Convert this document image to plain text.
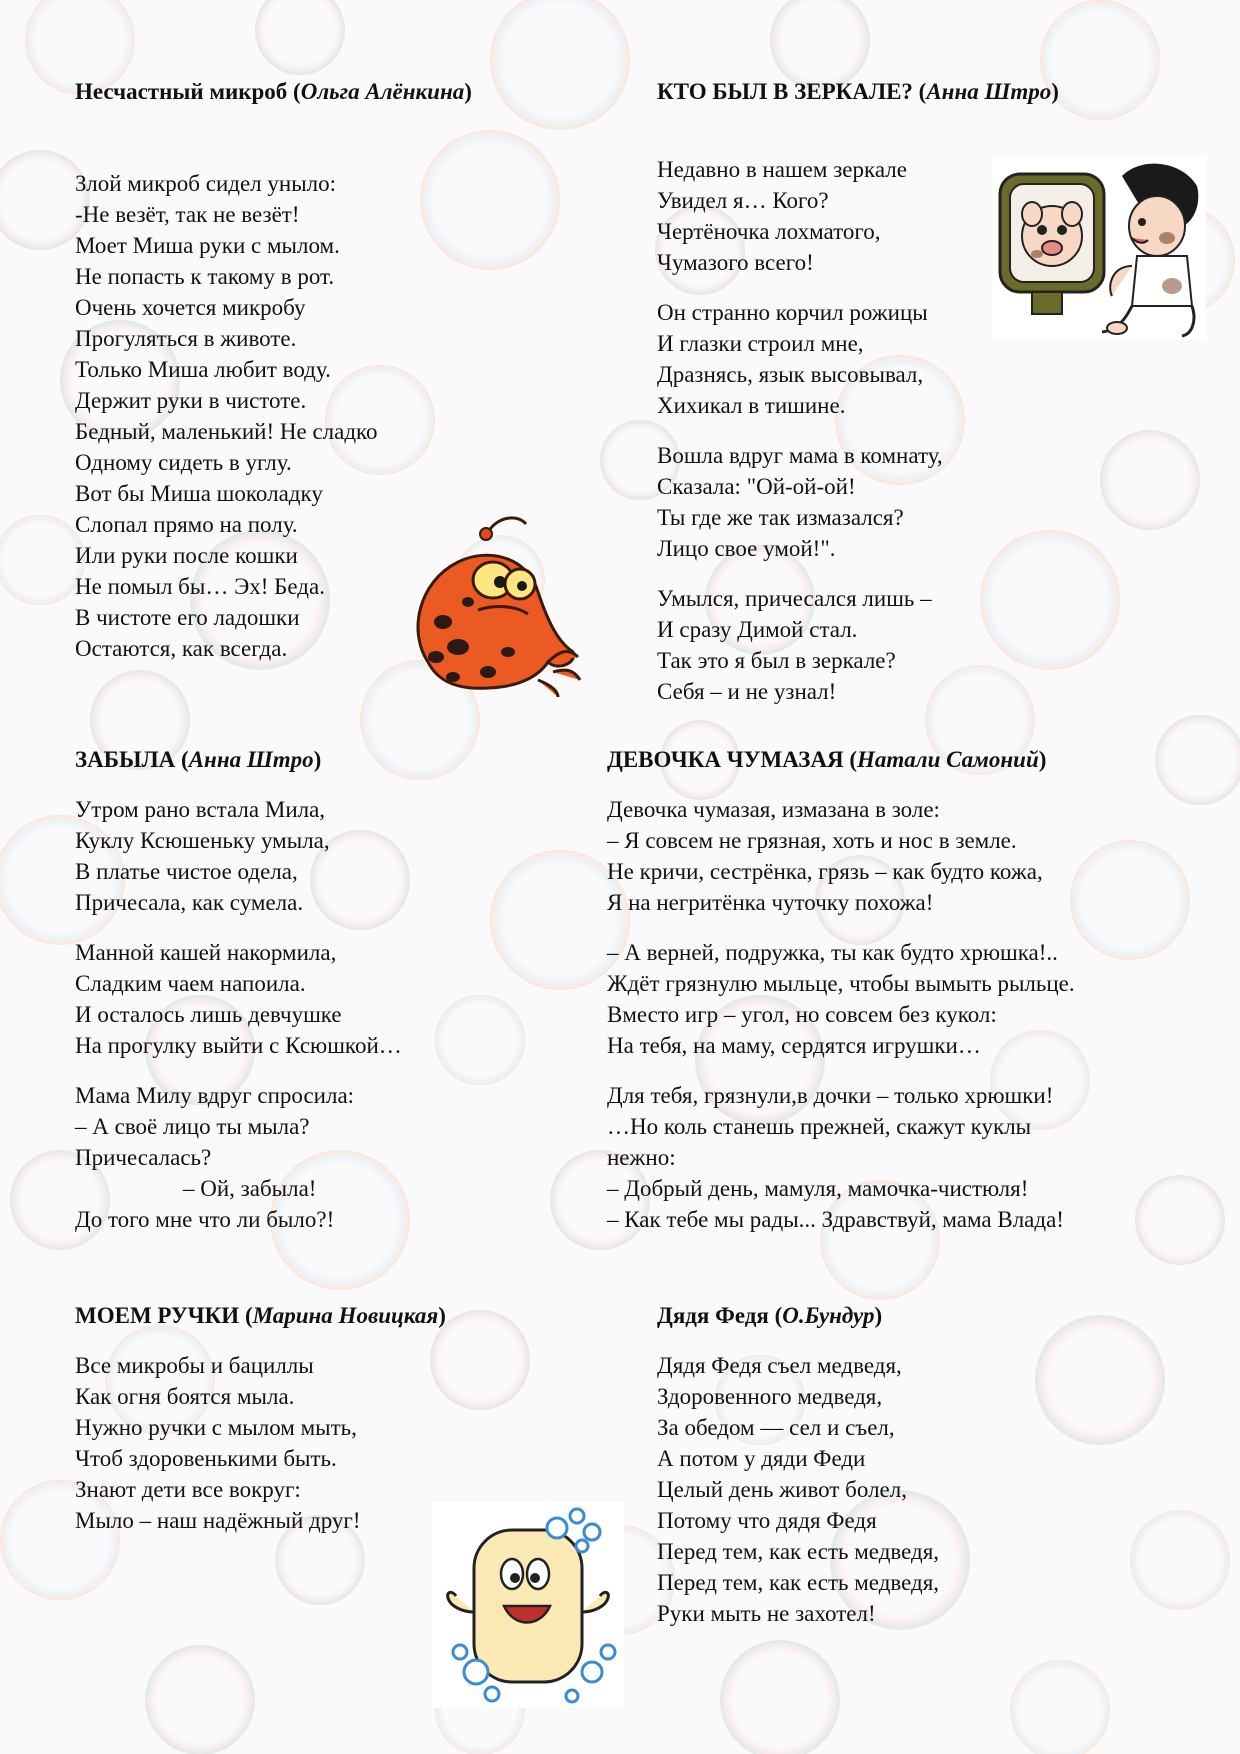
Несчастный микроб (Ольга Алёнкина)

Злой микроб сидел уныло:
-Не везёт, так не везёт!
Моет Миша руки с мылом.
Не попасть к такому в рот.
Очень хочется микробу
Прогуляться в животе.
Только Миша любит воду.
Держит руки в чистоте.
Бедный, маленький! Не сладко
Одному сидеть в углу.
Вот бы Миша шоколадку
Слопал прямо на полу.
Или руки после кошки
Не помыл бы… Эх! Беда.
В чистоте его ладошки
Остаются, как всегда.

КТО БЫЛ В ЗЕРКАЛЕ? (Анна Штро)

Недавно в нашем зеркале
Увидел я… Кого?
Чертёночка лохматого,
Чумазого всего!
Он странно корчил рожицы
И глазки строил мне,
Дразнясь, язык высовывал,
Хихикал в тишине.
Вошла вдруг мама в комнату,
Сказала: "Ой-ой-ой!
Ты где же так измазался?
Лицо свое умой!".
Умылся, причесался лишь –
И сразу Димой стал.
Так это я был в зеркале?
Себя – и не узнал!

ЗАБЫЛА (Анна Штро)

Утром рано встала Мила,
Куклу Ксюшеньку умыла,
В платье чистое одела,
Причесала, как сумела.
Манной кашей накормила,
Сладким чаем напоила.
И осталось лишь девчушке
На прогулку выйти с Ксюшкой…
Мама Милу вдруг спросила:
– А своё лицо ты мыла?
Причесалась?
– Ой, забыла!
До того мне что ли было?!

ДЕВОЧКА ЧУМАЗАЯ (Натали Самоний)

Девочка чумазая, измазана в золе:
– Я совсем не грязная, хоть и нос в земле.
Не кричи, сестрёнка, грязь – как будто кожа,
Я на негритёнка чуточку похожа!
– А верней, подружка, ты как будто хрюшка!..
Ждёт грязнулю мыльце, чтобы вымыть рыльце.
Вместо игр – угол, но совсем без кукол:
На тебя, на маму, сердятся игрушки…
Для тебя, грязнули,в дочки – только хрюшки!
…Но коль станешь прежней, скажут куклы
нежно:
– Добрый день, мамуля, мамочка-чистюля!
– Как тебе мы рады... Здравствуй, мама Влада!

МОЕМ РУЧКИ (Марина Новицкая)

Все микробы и бациллы
Как огня боятся мыла.
Нужно ручки с мылом мыть,
Чтоб здоровенькими быть.
Знают дети все вокруг:
Мыло – наш надёжный друг!

Дядя Федя (О.Бундур)

Дядя Федя съел медведя,
Здоровенного медведя,
За обедом — сел и съел,
А потом у дяди Феди
Целый день живот болел,
Потому что дядя Федя
Перед тем, как есть медведя,
Перед тем, как есть медведя,
Руки мыть не захотел!
